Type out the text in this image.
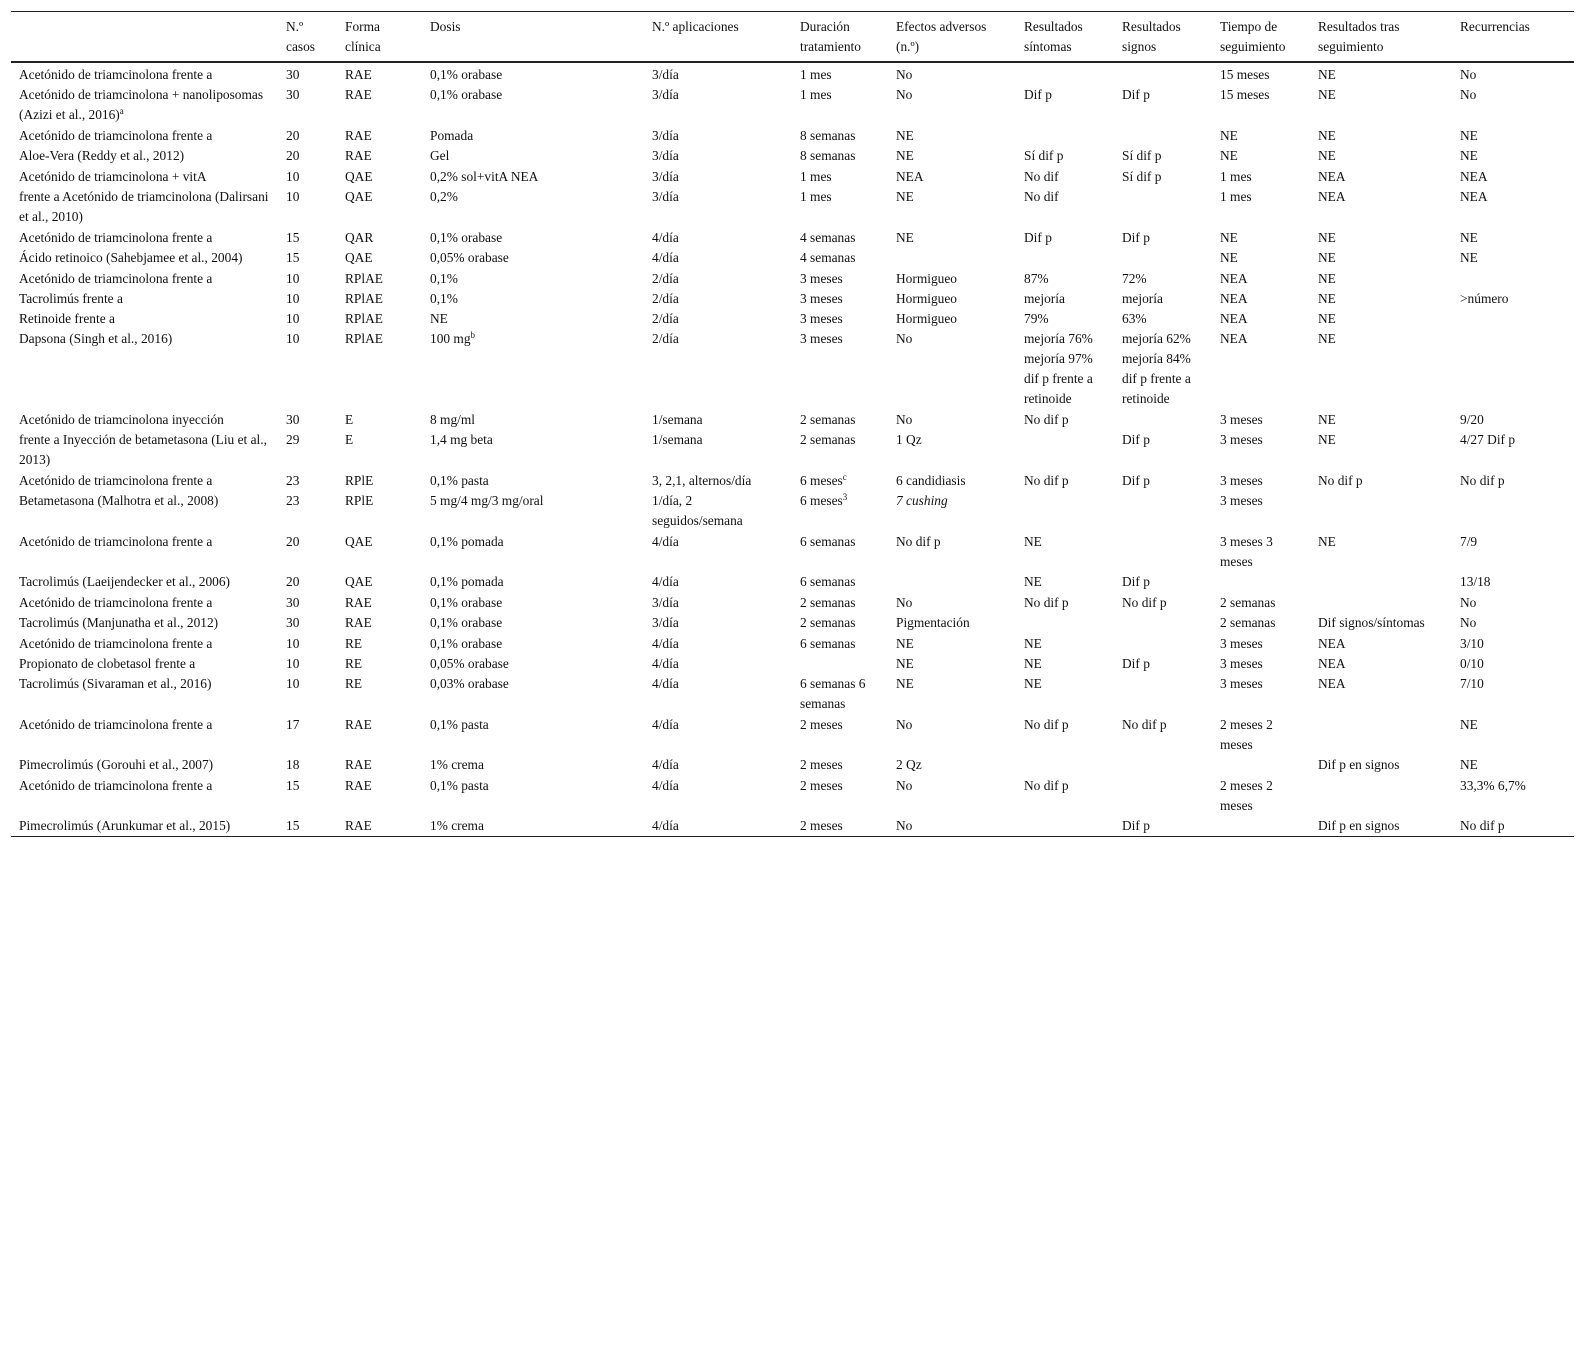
	N.º casos	Forma clínica	Dosis	N.º aplicaciones	Duración tratamiento	Efectos adversos (n.º)	Resultados síntomas	Resultados signos	Tiempo de seguimiento	Resultados tras seguimiento	Recurrencias
Acetónido de triamcinolona frente a	30	RAE	0,1% orabase	3/día	1 mes	No			15 meses	NE	No
Acetónido de triamcinolona + nanoliposomas (Azizi et al., 2016)$^a$	30	RAE	0,1% orabase	3/día	1 mes	No	Dif p	Dif p	15 meses	NE	No
Acetónido de triamcinolona frente a	20	RAE	Pomada	3/día	8 semanas	NE			NE	NE	NE
Aloe-Vera (Reddy et al., 2012)	20	RAE	Gel	3/día	8 semanas	NE	Sí dif p	Sí dif p	NE	NE	NE
Acetónido de triamcinolona + vitA	10	QAE	0,2% sol+vitA NEA	3/día	1 mes	NEA	No dif	Sí dif p	1 mes	NEA	NEA
frente a Acetónido de triamcinolona (Dalirsani et al., 2010)	10	QAE	0,2%	3/día	1 mes	NE	No dif		1 mes	NEA	NEA
Acetónido de triamcinolona frente a	15	QAR	0,1% orabase	4/día	4 semanas	NE	Dif p	Dif p	NE	NE	NE
Ácido retinoico (Sahebjamee et al., 2004)	15	QAE	0,05% orabase	4/día	4 semanas				NE	NE	NE
Acetónido de triamcinolona frente a	10	RPlAE	0,1%	2/día	3 meses	Hormigueo	87%	72%	NEA	NE	
Tacrolimús frente a	10	RPlAE	0,1%	2/día	3 meses	Hormigueo	mejoría	mejoría	NEA	NE	>número
Retinoide frente a	10	RPlAE	NE	2/día	3 meses	Hormigueo	79%	63%	NEA	NE	
Dapsona (Singh et al., 2016)	10	RPlAE	100 $mg^b$	2/día	3 meses	No	mejoría 76% mejoría 97% dif p frente a retinoide	mejoría 62% mejoría 84% dif p frente a retinoide	NEA	NE	
Acetónido de triamcinolona inyección	30	E	8 mg/ml	1/semana	2 semanas	No	No dif p		3 meses	NE	9/20
frente a Inyección de betametasona (Liu et al., 2013)	29	E	1,4 mg beta	1/semana	2 semanas	1 Qz		Dif p	3 meses	NE	4/27 Dif p
Acetónido de triamcinolona frente a	23	RPlE	0,1% pasta	3, 2,1, alternos/día	6 meses$^c$	6 candidiasis	No dif p	Dif p	3 meses	No dif p	No dif p
Betametasona (Malhotra et al., 2008)	23	RPlE	5 mg/4 mg/3 mg/oral	1/día, 2 seguidos/semana	6 meses$^3$	7 cushing			3 meses		
Acetónido de triamcinolona frente a	20	QAE	0,1% pomada	4/día	6 semanas	No dif p	NE		3 meses 3 meses	NE	7/9
Tacrolimús (Laeijendecker et al., 2006)	20	QAE	0,1% pomada	4/día	6 semanas		NE	Dif p			13/18
Acetónido de triamcinolona frente a	30	RAE	0,1% orabase	3/día	2 semanas	No	No dif p	No dif p	2 semanas		No
Tacrolimús (Manjunatha et al., 2012)	30	RAE	0,1% orabase	3/día	2 semanas	Pigmentación			2 semanas	Dif signos/síntomas	No
Acetónido de triamcinolona frente a	10	RE	0,1% orabase	4/día	6 semanas	NE	NE		3 meses	NEA	3/10
Propionato de clobetasol frente a	10	RE	0,05% orabase	4/día		NE	NE	Dif p	3 meses	NEA	0/10
Tacrolimús (Sivaraman et al., 2016)	10	RE	0,03% orabase	4/día	6 semanas 6 semanas	NE	NE		3 meses	NEA	7/10
Acetónido de triamcinolona frente a	17	RAE	0,1% pasta	4/día	2 meses	No	No dif p	No dif p	2 meses 2 meses		NE
Pimecrolimús (Gorouhi et al., 2007)	18	RAE	1% crema	4/día	2 meses	2 Qz				Dif p en signos	NE
Acetónido de triamcinolona frente a	15	RAE	0,1% pasta	4/día	2 meses	No	No dif p		2 meses 2 meses		33,3% 6,7%
Pimecrolimús (Arunkumar et al., 2015)	15	RAE	1% crema	4/día	2 meses	No		Dif p		Dif p en signos	No dif p
